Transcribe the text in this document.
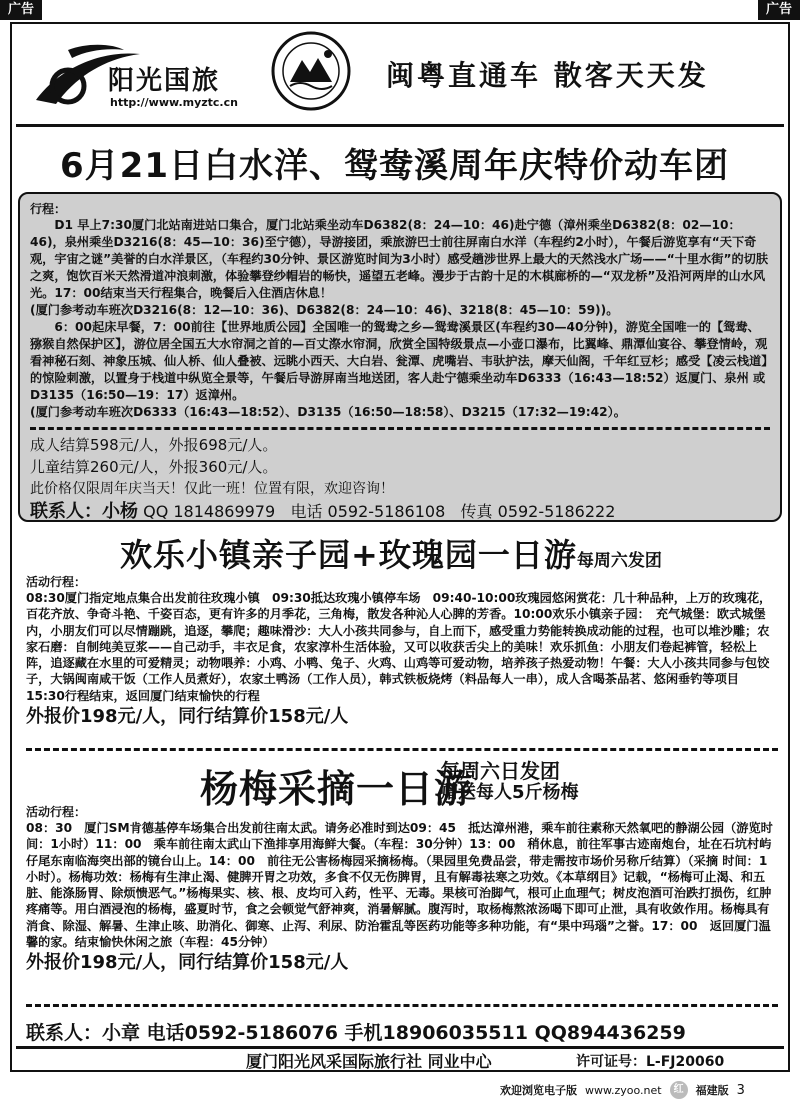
广告	广告
阳光国旅
http://www.myztc.cn
闽粤直通车 散客天天发
6月21日白水洋、鸳鸯溪周年庆特价动车团
行程：

D1 早上7:30厦门北站南进站口集合，厦门北站乘坐动车D6382(8：24—10：46)赴宁德（漳州乘坐D6382(8：02—10：46)，泉州乘坐D3216(8：45—10：36)至宁德），导游接团，乘旅游巴士前往屏南白水洋（车程约2小时），午餐后游览享有“天下奇观，宇宙之谜”美誉的白水洋景区，（车程约30分钟、景区游览时间为3小时）感受趟涉世界上最大的天然浅水广场——“十里水街”的切肤之爽，饱饮百米天然滑道冲浪刺激，体验攀登纱帽岩的畅快，遥望五老峰。漫步于古韵十足的木棋廊桥的—“双龙桥”及沿河两岸的山水风光。17：00结束当天行程集合，晚餐后入住酒店休息！

(厦门参考动车班次D3216(8：12—10：36)、D6382(8：24—10：46)、3218(8：45—10：59))。

6：00起床早餐，7：00前往【世界地质公园】全国唯一的鸳鸯之乡—鸳鸯溪景区(车程约30—40分钟)，游览全国唯一的【鸳鸯、猕猴自然保护区】，游位居全国五大水帘洞之首的—百丈漈水帘洞，欣赏全国特级景点—小壶口瀑布，比翼峰、鼎潭仙宴谷、攀登情岭，观看神秘石刻、神象压城、仙人桥、仙人叠被、远眺小西天、大白岩、瓮潭、虎嘴岩、韦驮护法，摩天仙阁，千年红豆杉；感受【凌云栈道】的惊险刺激，以置身于栈道中纵览全景等，午餐后导游屏南当地送团，客人赴宁德乘坐动车D6333（16:43—18:52）返厦门、泉州 或D3135（16:50—19：17）返漳州。

(厦门参考动车班次D6333（16:43—18:52）、D3135（16:50—18:58）、D3215（17:32—19:42）。

成人结算598元/人，外报698元/人。
儿童结算260元/人，外报360元/人。
此价格仅限周年庆当天！仅此一班！位置有限，欢迎咨询！
联系人：小杨 QQ 1814869979 电话 0592-5186108 传真 0592-5186222
欢乐小镇亲子园+玫瑰园一日游每周六发团
活动行程：

08:30厦门指定地点集合出发前往玫瑰小镇　09:30抵达玫瑰小镇停车场　09:40-10:00玫瑰园悠闲赏花：几十种品种，上万的玫瑰花，百花齐放、争奇斗艳、千姿百态，更有许多的月季花，三角梅，散发各种沁人心脾的芳香。10:00欢乐小镇亲子园：　充气城堡：欧式城堡内，小朋友们可以尽情蹦跳，追逐，攀爬；趣味滑沙：大人小孩共同参与，自上而下，感受重力势能转换成动能的过程，也可以堆沙雕；农家石磨：自制纯美豆浆——自己动手，丰衣足食，农家淳朴生活体验，又可以收获舌尖上的美味！欢乐抓鱼：小朋友们卷起裤管，轻松上阵，追逐藏在水里的可爱精灵；动物喂养：小鸡、小鸭、兔子、火鸡、山鸡等可爱动物，培养孩子热爱动物！午餐：大人小孩共同参与包饺子，大锅闽南咸干饭（工作人员煮好），农家土鸭汤（工作人员），韩式铁板烧烤（料品每人一串），成人含喝茶品茗、悠闲垂钓等项目 15:30行程结束，返回厦门结束愉快的行程

外报价198元/人，同行结算价158元/人
杨梅采摘一日游
每周六日发团
赠送每人5斤杨梅
活动行程：

08：30　厦门SM肯德基停车场集合出发前往南太武。请务必准时到达09：45　抵达漳州港，乘车前往素称天然氧吧的静湖公园（游览时间：1小时）11：00　乘车前往南太武山下渔排享用海鲜大餐。（车程：30分钟）13：00　稍休息，前往军事古迹南炮台，址在石坑村屿仔尾东南临海突出部的镜台山上。14：00　前往无公害杨梅园采摘杨梅。（果园里免费品尝，带走需按市场价另称斤结算）（采摘 时间：1小时）。杨梅功效：杨梅有生津止渴、健脾开胃之功效，多食不仅无伤脾胃，且有解毒祛寒之功效。《本草纲目》记载，“杨梅可止渴、和五脏、能涤肠胃、除烦愦恶气。”杨梅果实、核、根、皮均可入药，性平、无毒。果核可治脚气，根可止血理气；树皮泡酒可治跌打损伤，红肿疼痛等。用白酒浸泡的杨梅，盛夏时节，食之会顿觉气舒神爽，消暑解腻。腹泻时，取杨梅熬浓汤喝下即可止泄，具有收敛作用。杨梅具有消食、除湿、解暑、生津止咳、助消化、御寒、止泻、利尿、防治霍乱等医药功能等多种功能，有“果中玛瑙”之誉。17：00　返回厦门温馨的家。结束愉快休闲之旅（车程：45分钟）

外报价198元/人，同行结算价158元/人
联系人：小章 电话0592-5186076 手机18906035511 QQ894436259
厦门阳光风采国际旅行社 同业中心	许可证号：L-FJ20060
欢迎浏览电子版 www.zyoo.net	红	福建版 3
